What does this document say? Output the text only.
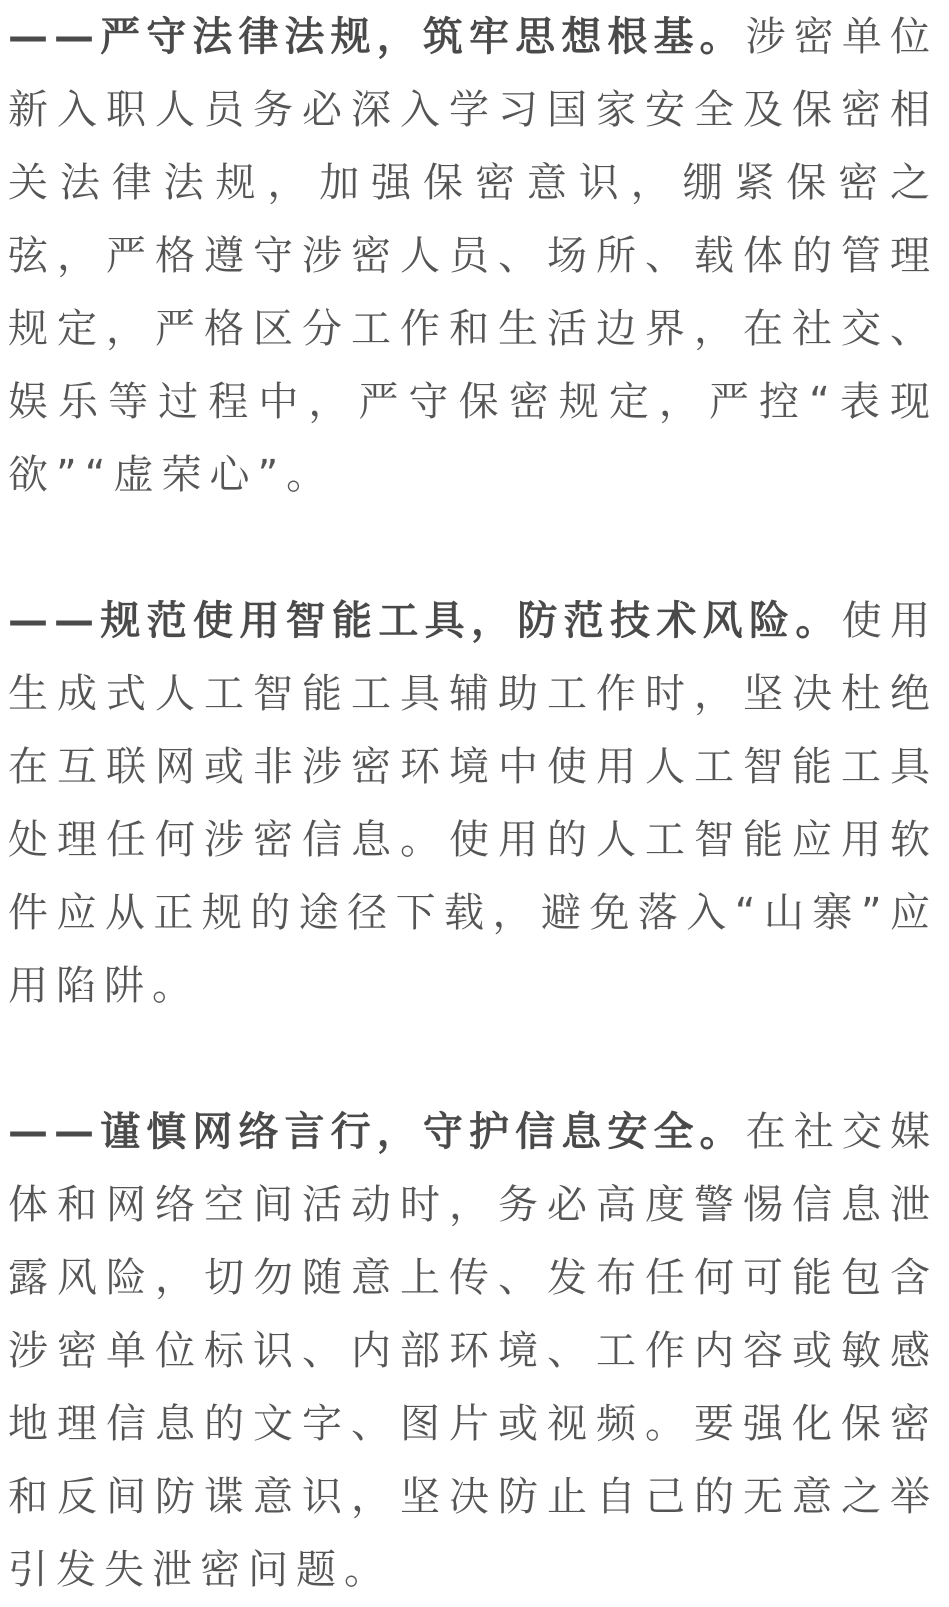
——严守法律法规，筑牢思想根基。涉密单位新入职人员务必深入学习国家安全及保密相关法律法规，加强保密意识，绷紧保密之弦，严格遵守涉密人员、场所、载体的管理规定，严格区分工作和生活边界，在社交、娱乐等过程中，严守保密规定，严控“表现欲”“虚荣心”。

——规范使用智能工具，防范技术风险。使用生成式人工智能工具辅助工作时，坚决杜绝在互联网或非涉密环境中使用人工智能工具处理任何涉密信息。使用的人工智能应用软件应从正规的途径下载，避免落入“山寨”应用陷阱。

——谨慎网络言行，守护信息安全。在社交媒体和网络空间活动时，务必高度警惕信息泄露风险，切勿随意上传、发布任何可能包含涉密单位标识、内部环境、工作内容或敏感地理信息的文字、图片或视频。要强化保密和反间防谍意识，坚决防止自己的无意之举引发失泄密问题。
